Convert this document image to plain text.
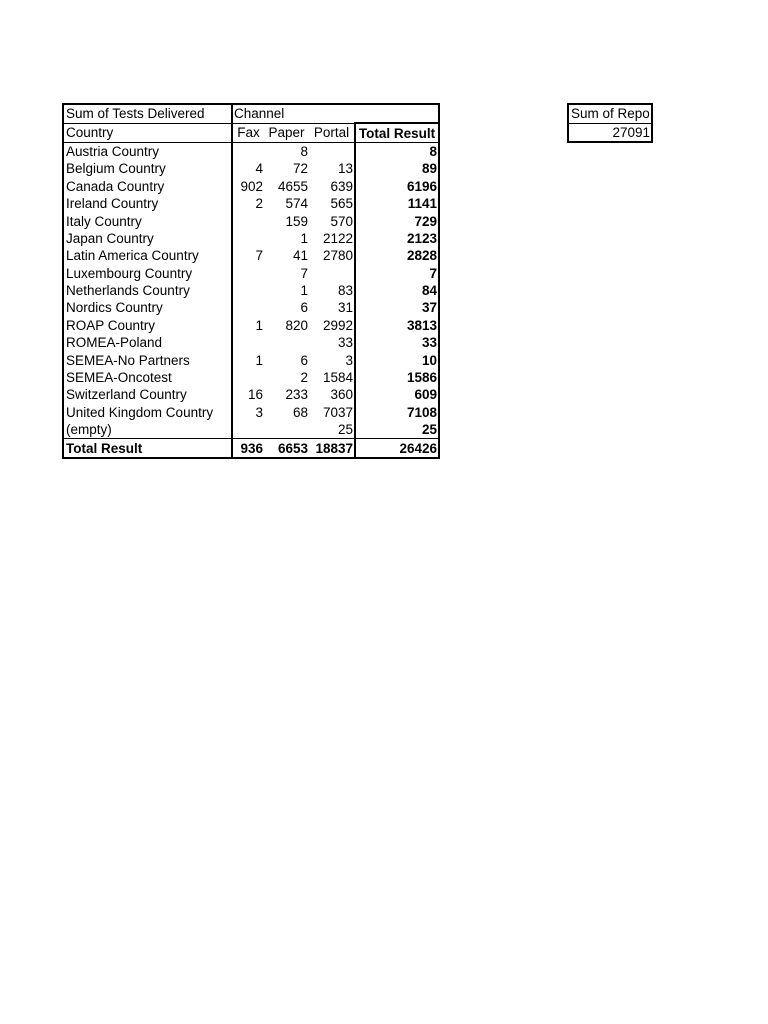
Sum of Tests Delivered	Channel			
Country	Fax	Paper	Portal	Total Result
Austria Country		8		8
Belgium Country	4	72	13	89
Canada Country	902	4655	639	6196
Ireland Country	2	574	565	1141
Italy Country		159	570	729
Japan Country		1	2122	2123
Latin America Country	7	41	2780	2828
Luxembourg Country		7		7
Netherlands Country		1	83	84
Nordics Country		6	31	37
ROAP Country	1	820	2992	3813
ROMEA-Poland			33	33
SEMEA-No Partners	1	6	3	10
SEMEA-Oncotest		2	1584	1586
Switzerland Country	16	233	360	609
United Kingdom Country	3	68	7037	7108
(empty)			25	25
Total Result	936	6653	18837	26426
Sum of Repo
27091
